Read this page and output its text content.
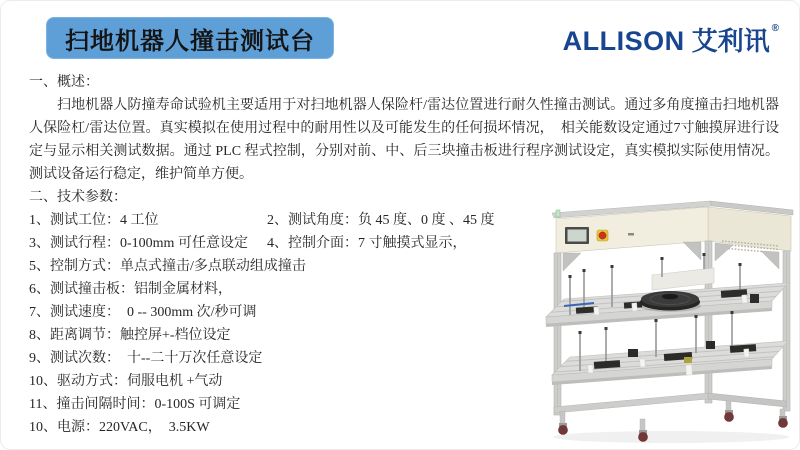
扫地机器人撞击测试台	ALLISON 艾利讯 ®
一、概述：

扫地机器人防撞寿命试验机主要适用于对扫地机器人保险杆/雷达位置进行耐久性撞击测试。通过多角度撞击扫地机器人保险杠/雷达位置。真实模拟在使用过程中的耐用性以及可能发生的任何损坏情况，  相关能数设定通过7寸触摸屏进行设定与显示相关测试数据。通过 PLC 程式控制，分别对前、中、后三块撞击板进行程序测试设定，真实模拟实际使用情况。  测试设备运行稳定，维护简单方便。

二、技术参数：
1、测试工位：4 工位	2、测试角度：负 45 度、0 度 、45 度
3、测试行程：0-100mm 可任意设定	4、控制介面：7 寸触摸式显示，
5、控制方式：单点式撞击/多点联动组成撞击
6、测试撞击板：铝制金属材料，
7、测试速度：  0 -- 300mm 次/秒可调
8、距离调节：触控屏+-档位设定
9、测试次数：  十--二十万次任意设定
10、驱动方式：伺服电机 +气动
11、撞击间隔时间：0-100S 可调定
10、电源：220VAC，  3.5KW
